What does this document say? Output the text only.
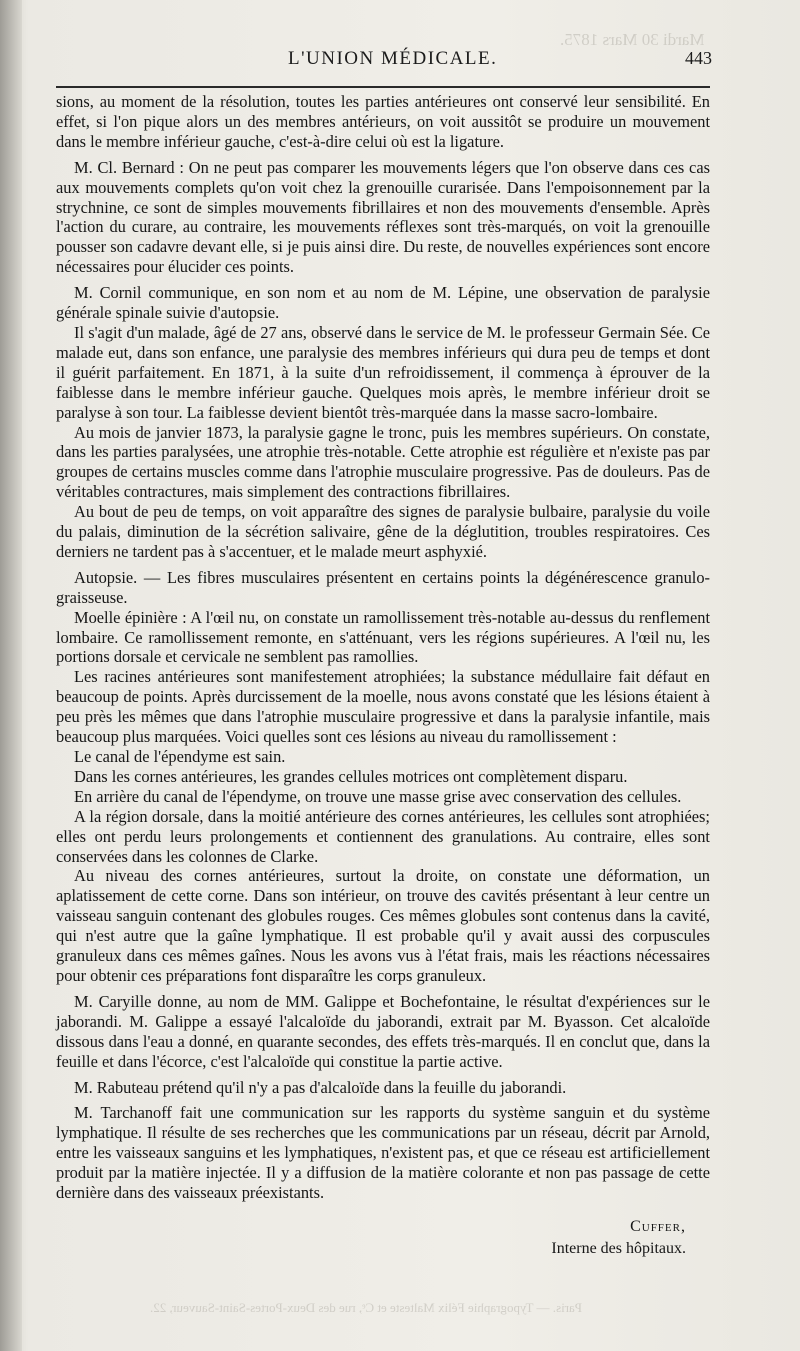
Mardi 30 Mars 1875.
Paris. — Typographie Félix Malteste et Cᵉ, rue des Deux-Portes-Saint-Sauveur, 22.
L'UNION MÉDICALE.	443

sions, au moment de la résolution, toutes les parties antérieures ont conservé leur sensibilité. En effet, si l'on pique alors un des membres antérieurs, on voit aussitôt se produire un mouvement dans le membre inférieur gauche, c'est-à-dire celui où est la ligature.

M. Cl. Bernard : On ne peut pas comparer les mouvements légers que l'on observe dans ces cas aux mouvements complets qu'on voit chez la grenouille curarisée. Dans l'empoisonnement par la strychnine, ce sont de simples mouvements fibrillaires et non des mouvements d'ensemble. Après l'action du curare, au contraire, les mouvements réflexes sont très-marqués, on voit la grenouille pousser son cadavre devant elle, si je puis ainsi dire. Du reste, de nouvelles expériences sont encore nécessaires pour élucider ces points.

M. Cornil communique, en son nom et au nom de M. Lépine, une observation de paralysie générale spinale suivie d'autopsie.

Il s'agit d'un malade, âgé de 27 ans, observé dans le service de M. le professeur Germain Sée. Ce malade eut, dans son enfance, une paralysie des membres inférieurs qui dura peu de temps et dont il guérit parfaitement. En 1871, à la suite d'un refroidissement, il commença à éprouver de la faiblesse dans le membre inférieur gauche. Quelques mois après, le membre inférieur droit se paralyse à son tour. La faiblesse devient bientôt très-marquée dans la masse sacro-lombaire.

Au mois de janvier 1873, la paralysie gagne le tronc, puis les membres supérieurs. On constate, dans les parties paralysées, une atrophie très-notable. Cette atrophie est régulière et n'existe pas par groupes de certains muscles comme dans l'atrophie musculaire progressive. Pas de douleurs. Pas de véritables contractures, mais simplement des contractions fibrillaires.

Au bout de peu de temps, on voit apparaître des signes de paralysie bulbaire, paralysie du voile du palais, diminution de la sécrétion salivaire, gêne de la déglutition, troubles respiratoires. Ces derniers ne tardent pas à s'accentuer, et le malade meurt asphyxié.

Autopsie. — Les fibres musculaires présentent en certains points la dégénérescence granulo-graisseuse.

Moelle épinière : A l'œil nu, on constate un ramollissement très-notable au-dessus du renflement lombaire. Ce ramollissement remonte, en s'atténuant, vers les régions supérieures. A l'œil nu, les portions dorsale et cervicale ne semblent pas ramollies.

Les racines antérieures sont manifestement atrophiées; la substance médullaire fait défaut en beaucoup de points. Après durcissement de la moelle, nous avons constaté que les lésions étaient à peu près les mêmes que dans l'atrophie musculaire progressive et dans la paralysie infantile, mais beaucoup plus marquées. Voici quelles sont ces lésions au niveau du ramollissement :

Le canal de l'épendyme est sain.

Dans les cornes antérieures, les grandes cellules motrices ont complètement disparu.

En arrière du canal de l'épendyme, on trouve une masse grise avec conservation des cellules.

A la région dorsale, dans la moitié antérieure des cornes antérieures, les cellules sont atrophiées; elles ont perdu leurs prolongements et contiennent des granulations. Au contraire, elles sont conservées dans les colonnes de Clarke.

Au niveau des cornes antérieures, surtout la droite, on constate une déformation, un aplatissement de cette corne. Dans son intérieur, on trouve des cavités présentant à leur centre un vaisseau sanguin contenant des globules rouges. Ces mêmes globules sont contenus dans la cavité, qui n'est autre que la gaîne lymphatique. Il est probable qu'il y avait aussi des corpuscules granuleux dans ces mêmes gaînes. Nous les avons vus à l'état frais, mais les réactions nécessaires pour obtenir ces préparations font disparaître les corps granuleux.

M. Caryille donne, au nom de MM. Galippe et Bochefontaine, le résultat d'expériences sur le jaborandi. M. Galippe a essayé l'alcaloïde du jaborandi, extrait par M. Byasson. Cet alcaloïde dissous dans l'eau a donné, en quarante secondes, des effets très-marqués. Il en conclut que, dans la feuille et dans l'écorce, c'est l'alcaloïde qui constitue la partie active.

M. Rabuteau prétend qu'il n'y a pas d'alcaloïde dans la feuille du jaborandi.

M. Tarchanoff fait une communication sur les rapports du système sanguin et du système lymphatique. Il résulte de ses recherches que les communications par un réseau, décrit par Arnold, entre les vaisseaux sanguins et les lymphatiques, n'existent pas, et que ce réseau est artificiellement produit par la matière injectée. Il y a diffusion de la matière colorante et non pas passage de cette dernière dans des vaisseaux préexistants.

Cuffer,
Interne des hôpitaux.
